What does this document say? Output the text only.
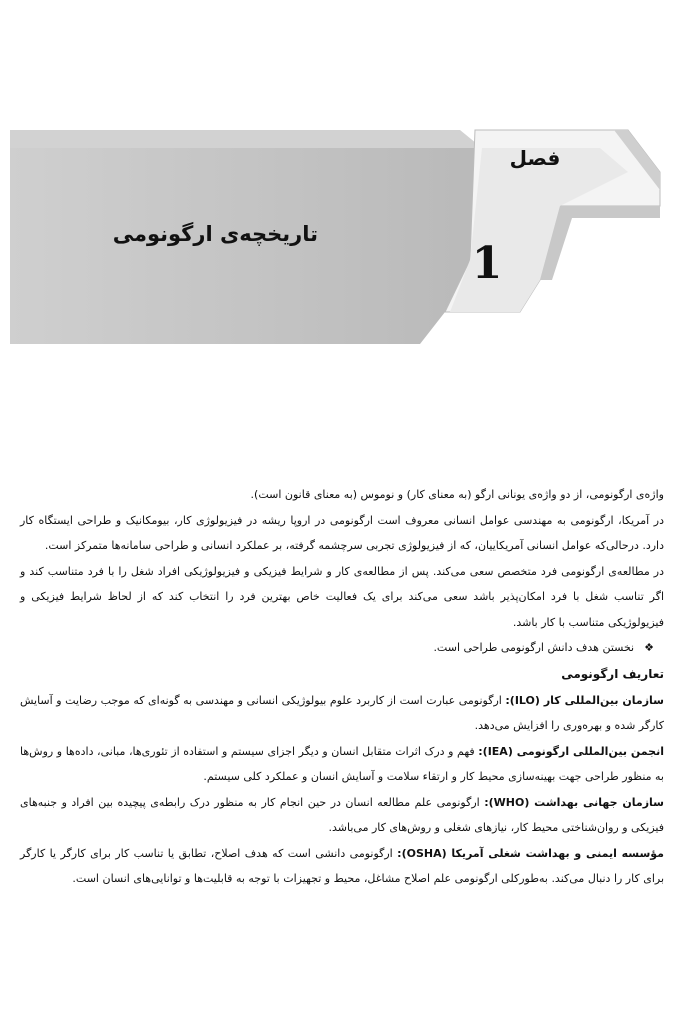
فصل
1
تاریخچه‌ی ارگونومی

واژه‌ی ارگونومی، از دو واژه‌ی یونانی ارگو (به معنای کار) و نوموس (به معنای قانون است).

در آمریکا، ارگونومی به مهندسی عوامل انسانی معروف است ارگونومی در اروپا ریشه در فیزیولوژی کار، بیومکانیک و طراحی ایستگاه کار دارد. درحالی‌که عوامل انسانی آمریکاییان، که از فیزیولوژی تجربی سرچشمه گرفته، بر عملکرد انسانی و طراحی سامانه‌ها متمرکز است.

در مطالعه‌ی ارگونومی فرد متخصص سعی می‌کند. پس از مطالعه‌ی کار و شرایط فیزیکی و فیزیولوژیکی افراد شغل را با فرد متناسب کند و اگر تناسب شغل با فرد امکان‌پذیر باشد سعی می‌کند برای یک فعالیت خاص بهترین فرد را انتخاب کند که از لحاظ شرایط فیزیکی و فیزیولوژیکی متناسب با کار باشد.

❖نخستن هدف دانش ارگونومی طراحی است.

تعاریف ارگونومی

سازمان بین‌المللی کار (ILO): ارگونومی عبارت است از کاربرد علوم بیولوژیکی انسانی و مهندسی به گونه‌ای که موجب رضایت و آسایش کارگر شده و بهره‌وری را افزایش می‌دهد.

انجمن بین‌المللی ارگونومی (IEA): فهم و درک اثرات متقابل انسان و دیگر اجزای سیستم و استفاده از تئوری‌ها، مبانی، داده‌ها و روش‌ها به منظور طراحی جهت بهینه‌سازی محیط کار و ارتقاء سلامت و آسایش انسان و عملکرد کلی سیستم.

سازمان جهانی بهداشت (WHO): ارگونومی علم مطالعه انسان در حین انجام کار به منظور درک رابطه‌ی پیچیده بین افراد و جنبه‌های فیزیکی و روان‌شناختی محیط کار، نیازهای شغلی و روش‌های کار می‌باشد.

مؤسسه ایمنی و بهداشت شغلی آمریکا (OSHA): ارگونومی دانشی است که هدف اصلاح، تطابق یا تناسب کار برای کارگر یا کارگر برای کار را دنبال می‌کند. به‌طورکلی ارگونومی علم اصلاح مشاغل، محیط و تجهیزات با توجه به قابلیت‌ها و توانایی‌های انسان است.
